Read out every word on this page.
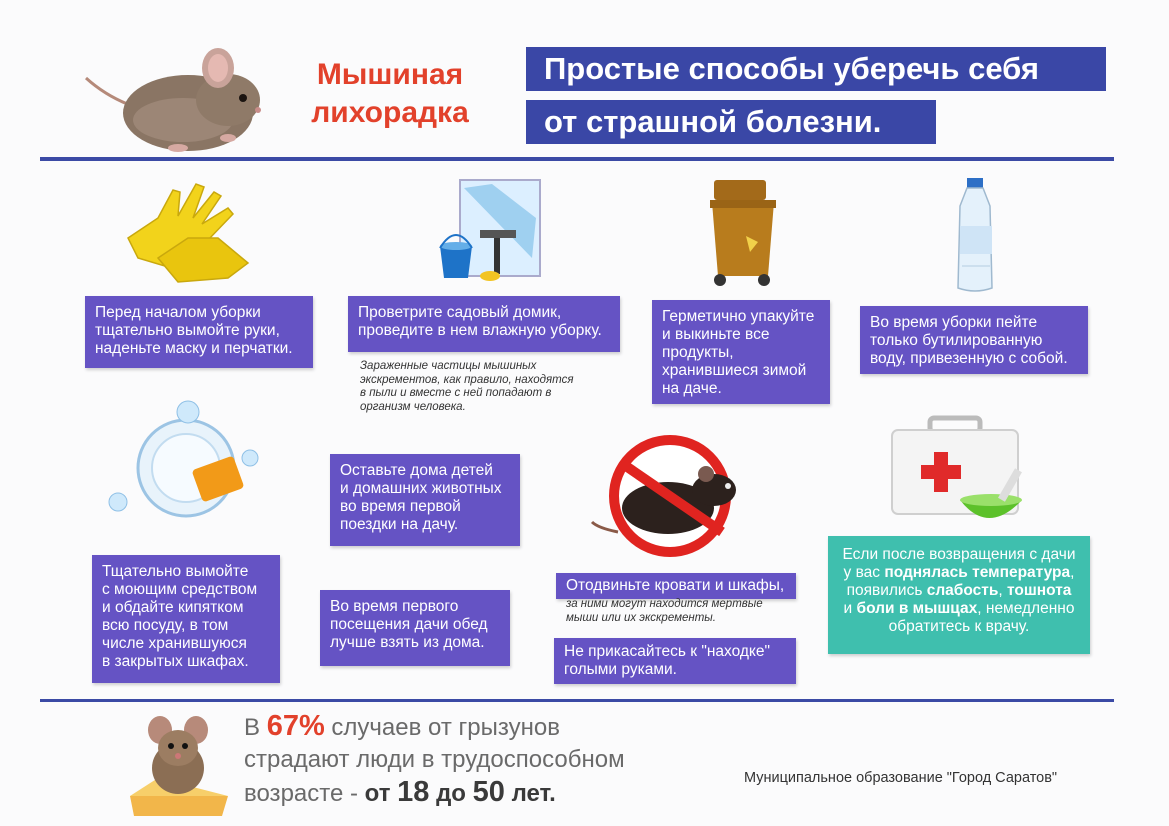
Мышиная
лихорадка
Простые способы уберечь себя
от страшной болезни.
Перед началом уборки
тщательно вымойте руки,
наденьте маску и перчатки.
Проветрите садовый домик,
проведите в нем влажную уборку.
Зараженные частицы мышиных
экскрементов, как правило, находятся
в пыли и вместе с ней попадают в
организм человека.
Герметично упакуйте
и выкиньте все
продукты,
хранившиеся зимой
на даче.
Во время уборки пейте
только бутилированную
воду, привезенную с собой.
Оставьте дома детей
и домашних животных
во время первой
поездки на дачу.
Если после возвращения с дачи
у вас поднялась температура,
появились слабость, тошнота
и боли в мышцах, немедленно
обратитесь к врачу.
Тщательно вымойте
с моющим средством
и обдайте кипятком
всю посуду, в том
числе хранившуюся
в закрытых шкафах.
Во время первого
посещения дачи обед
лучше взять из дома.
Отодвиньте кровати и шкафы,
за ними могут находится мертвые
мыши или их экскременты.
Не прикасайтесь к "находке"
голыми руками.
В 67% случаев от грызунов
страдают люди в трудоспособном
возрасте - от 18 до 50 лет.
Муниципальное образование "Город Саратов"
